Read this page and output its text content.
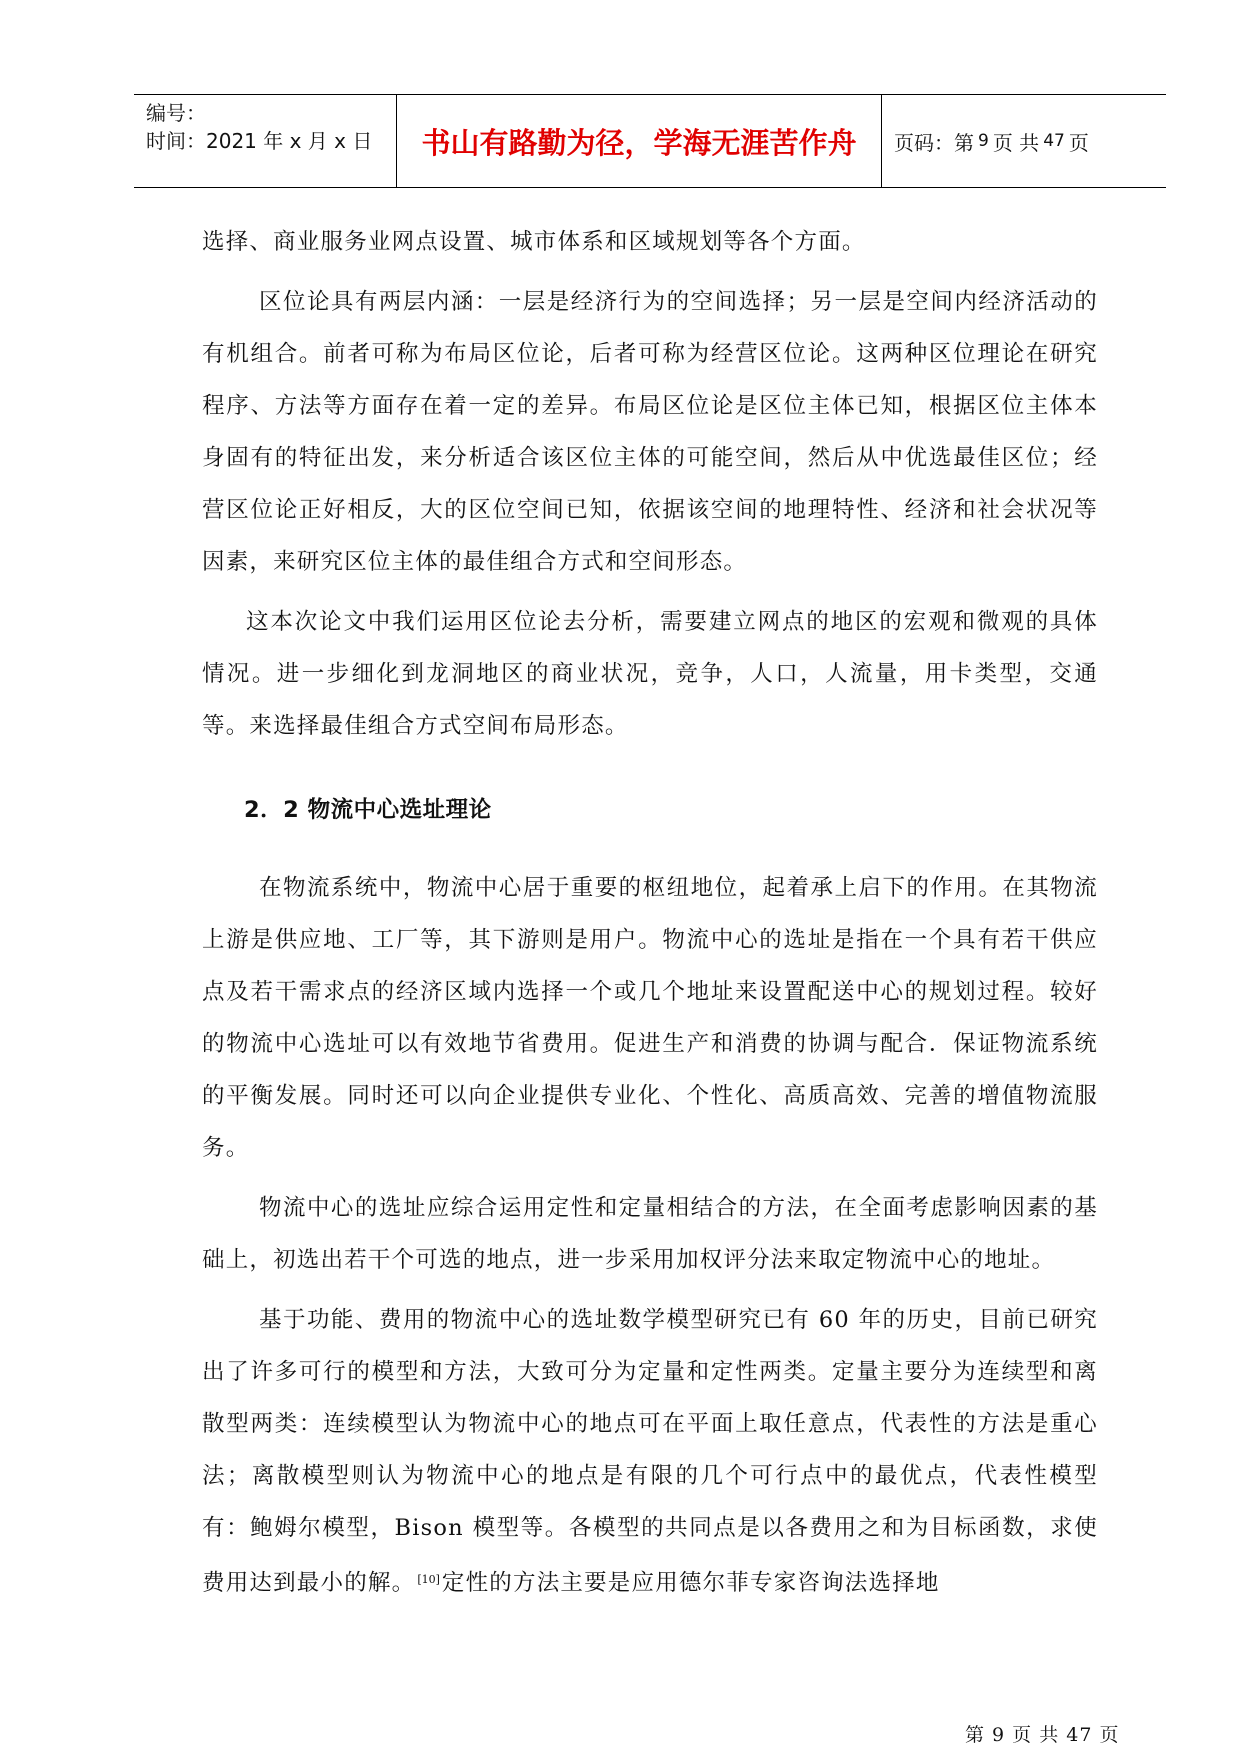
编号：
时间：2021 年 x 月 x 日	书山有路勤为径，学海无涯苦作舟	页码：第 9 页 共 47 页

选择、商业服务业网点设置、城市体系和区域规划等各个方面。

区位论具有两层内涵：一层是经济行为的空间选择；另一层是空间内经济活动的有机组合。前者可称为布局区位论，后者可称为经营区位论。这两种区位理论在研究程序、方法等方面存在着一定的差异。布局区位论是区位主体已知，根据区位主体本身固有的特征出发，来分析适合该区位主体的可能空间，然后从中优选最佳区位；经营区位论正好相反，大的区位空间已知，依据该空间的地理特性、经济和社会状况等因素，来研究区位主体的最佳组合方式和空间形态。

这本次论文中我们运用区位论去分析，需要建立网点的地区的宏观和微观的具体情况。进一步细化到龙洞地区的商业状况，竞争，人口，人流量，用卡类型，交通等。来选择最佳组合方式空间布局形态。

2．2 物流中心选址理论

在物流系统中，物流中心居于重要的枢纽地位，起着承上启下的作用。在其物流上游是供应地、工厂等，其下游则是用户。物流中心的选址是指在一个具有若干供应点及若干需求点的经济区域内选择一个或几个地址来设置配送中心的规划过程。较好的物流中心选址可以有效地节省费用。促进生产和消费的协调与配合．保证物流系统的平衡发展。同时还可以向企业提供专业化、个性化、高质高效、完善的增值物流服务。

物流中心的选址应综合运用定性和定量相结合的方法，在全面考虑影响因素的基础上，初选出若干个可选的地点，进一步采用加权评分法来取定物流中心的地址。

基于功能、费用的物流中心的选址数学模型研究已有 60 年的历史，目前已研究出了许多可行的模型和方法，大致可分为定量和定性两类。定量主要分为连续型和离散型两类：连续模型认为物流中心的地点可在平面上取任意点，代表性的方法是重心法；离散模型则认为物流中心的地点是有限的几个可行点中的最优点，代表性模型有：鲍姆尔模型，Bison 模型等。各模型的共同点是以各费用之和为目标函数，求使费用达到最小的解。 [10]定性的方法主要是应用德尔菲专家咨询法选择地

第 9 页 共 47 页
